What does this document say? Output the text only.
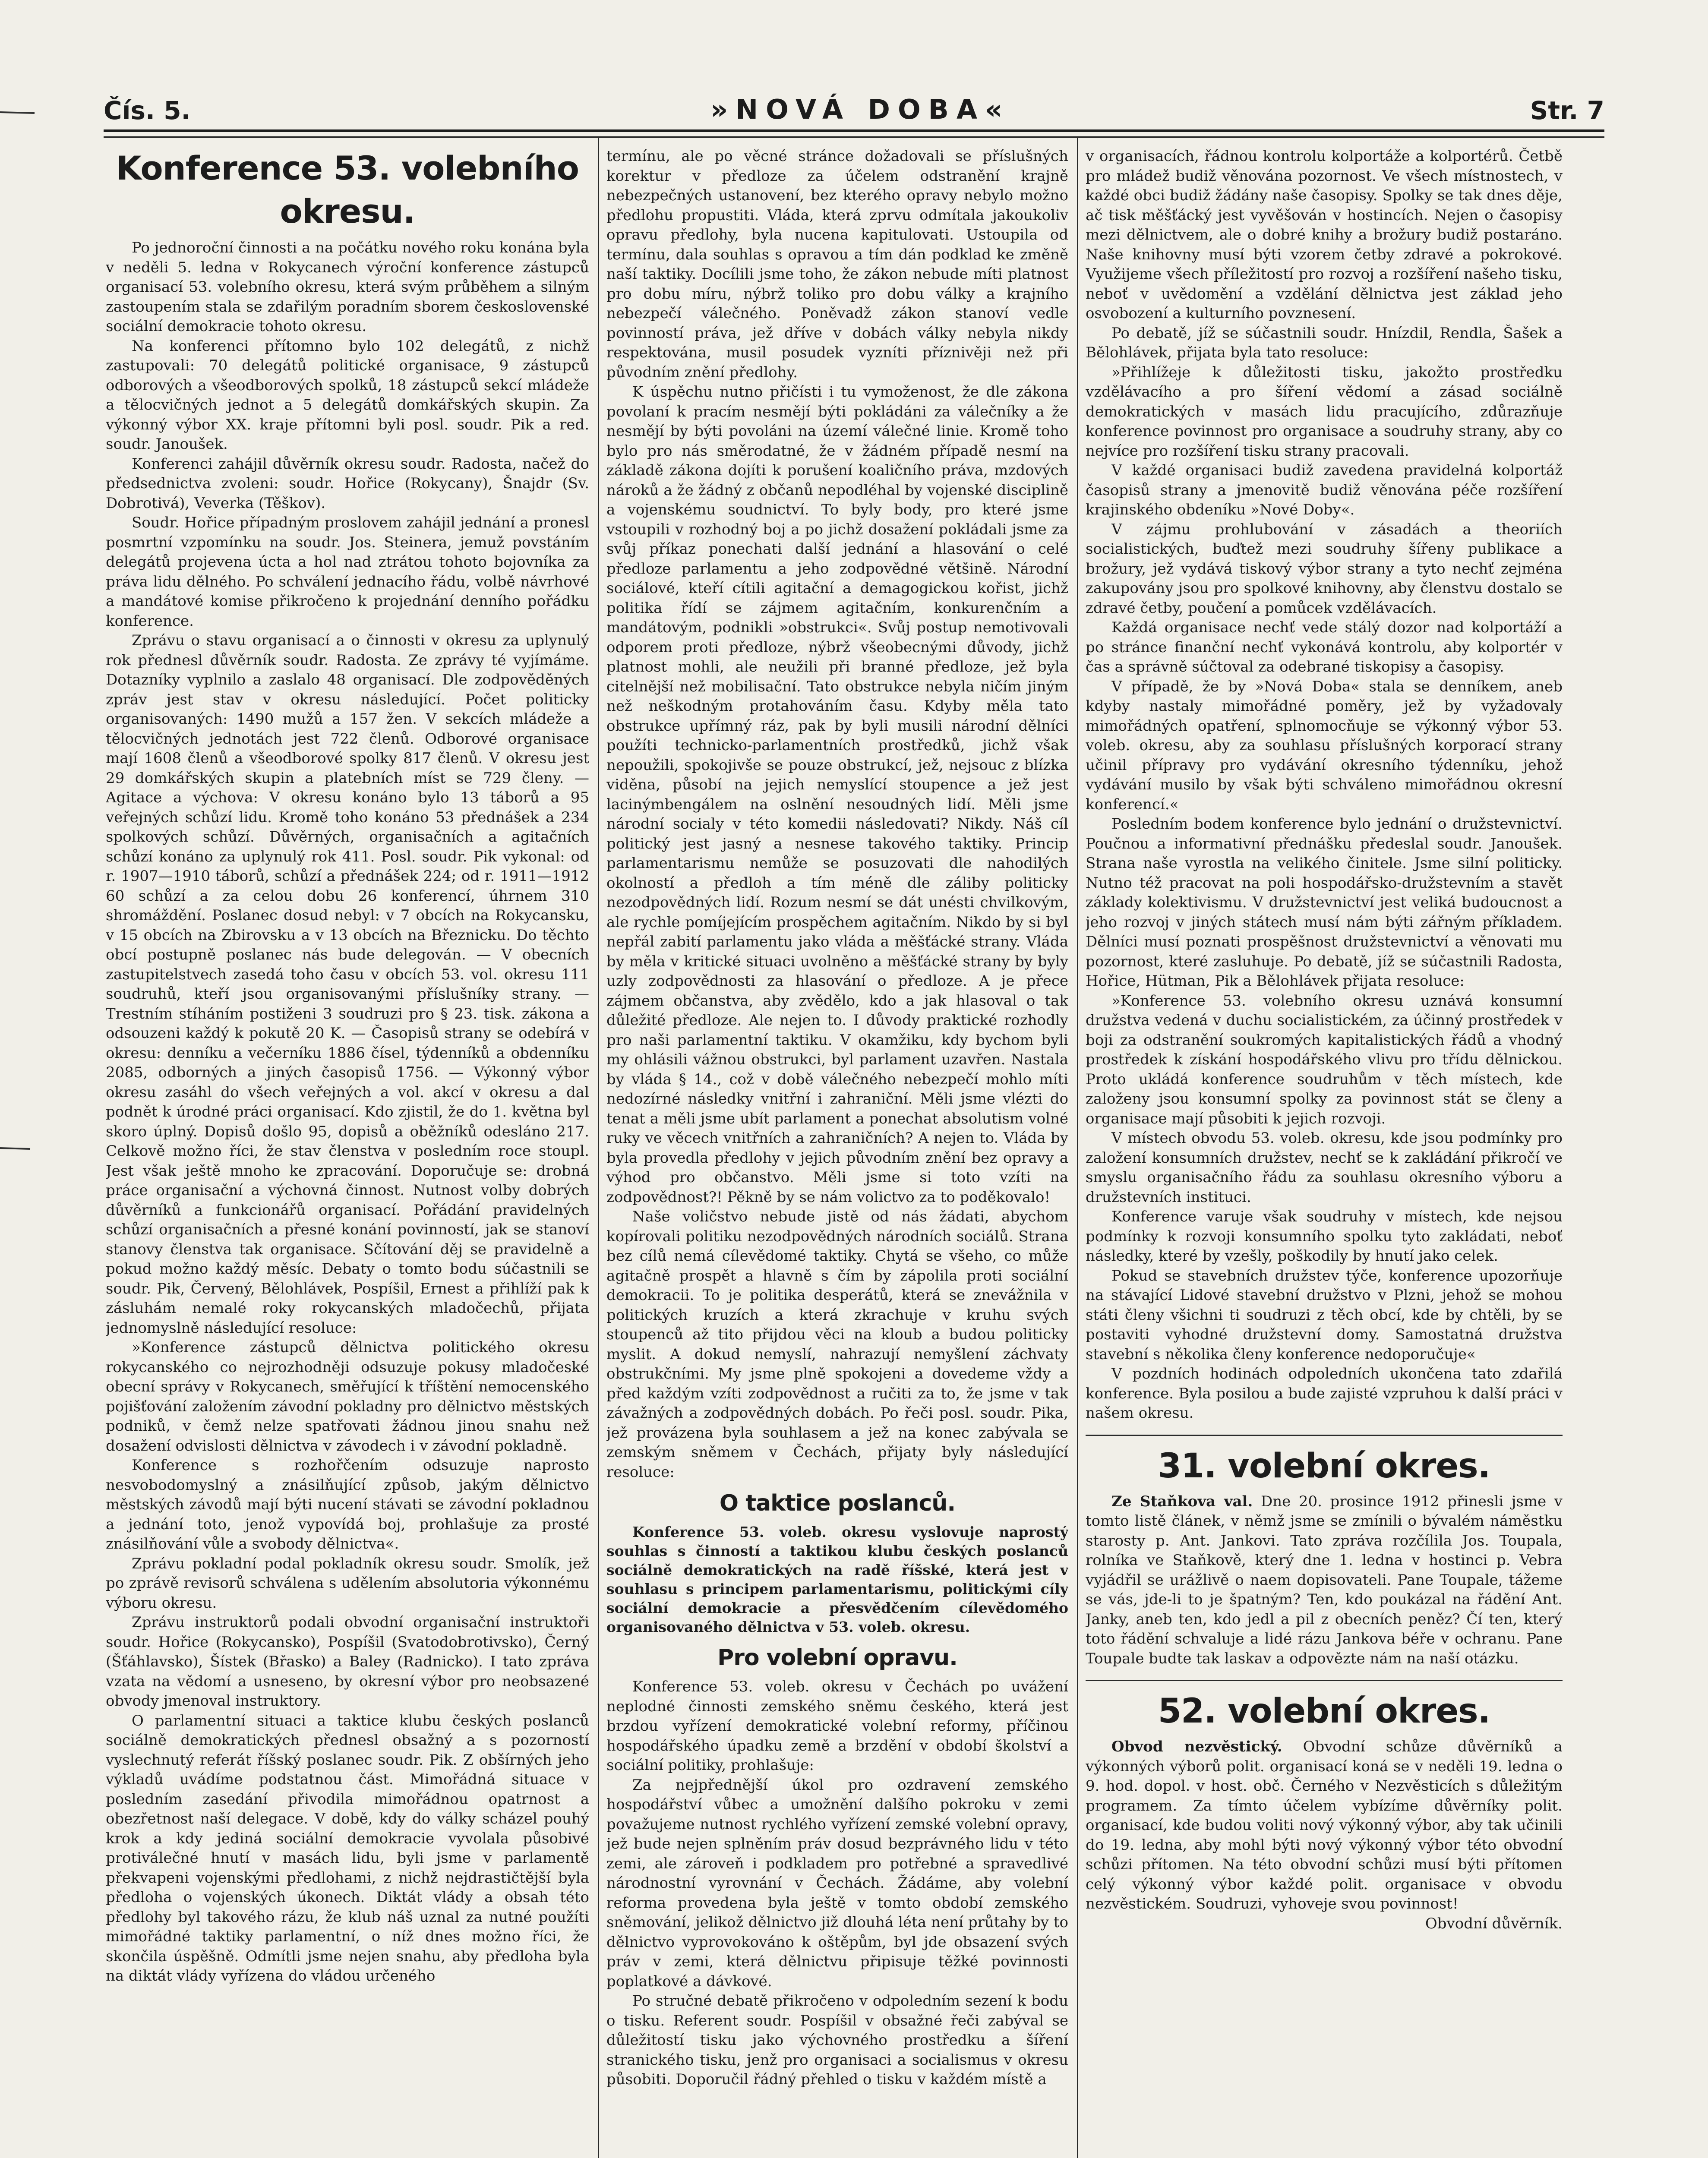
Čís. 5.	»NOVÁ DOBA«	Str. 7
Konference 53. volebního okresu.

Po jednoroční činnosti a na počátku nového roku konána byla v neděli 5. ledna v Rokycanech výroční konference zástupců organisací 53. volebního okresu, která svým průběhem a silným zastoupením stala se zdařilým poradním sborem československé sociální demokracie tohoto okresu.

Na konferenci přítomno bylo 102 delegátů, z nichž zastupovali: 70 delegátů politické organisace, 9 zástupců odborových a všeodborových spolků, 18 zástupců sekcí mládeže a tělocvičných jednot a 5 delegátů domkářských skupin. Za výkonný výbor XX. kraje přítomni byli posl. soudr. Pik a red. soudr. Janoušek.

Konferenci zahájil důvěrník okresu soudr. Radosta, načež do předsednictva zvoleni: soudr. Hořice (Rokycany), Šnajdr (Sv. Dobrotivá), Veverka (Těškov).

Soudr. Hořice případným proslovem zahájil jednání a pronesl posmrtní vzpomínku na soudr. Jos. Steinera, jemuž povstáním delegátů projevena úcta a hol nad ztrátou tohoto bojovníka za práva lidu dělného. Po schválení jednacího řádu, volbě návrhové a mandátové komise přikročeno k projednání denního pořádku konference.

Zprávu o stavu organisací a o činnosti v okresu za uplynulý rok přednesl důvěrník soudr. Radosta. Ze zprávy té vyjímáme. Dotazníky vyplnilo a zaslalo 48 organisací. Dle zodpověděných zpráv jest stav v okresu následující. Počet politicky organisovaných: 1490 mužů a 157 žen. V sekcích mládeže a tělocvičných jednotách jest 722 členů. Odborové organisace mají 1608 členů a všeodborové spolky 817 členů. V okresu jest 29 domkářských skupin a platebních míst se 729 členy. — Agitace a výchova: V okresu konáno bylo 13 táborů a 95 veřejných schůzí lidu. Kromě toho konáno 53 přednášek a 234 spolkových schůzí. Důvěrných, organisačních a agitačních schůzí konáno za uplynulý rok 411. Posl. soudr. Pik vykonal: od r. 1907—1910 táborů, schůzí a přednášek 224; od r. 1911—1912 60 schůzí a za celou dobu 26 konferencí, úhrnem 310 shromáždění. Poslanec dosud nebyl: v 7 obcích na Rokycansku, v 15 obcích na Zbirovsku a v 13 obcích na Březnicku. Do těchto obcí postupně poslanec nás bude delegován. — V obecních zastupitelstvech zasedá toho času v obcích 53. vol. okresu 111 soudruhů, kteří jsou organisovanými příslušníky strany. — Trestním stíháním postiženi 3 soudruzi pro § 23. tisk. zákona a odsouzeni každý k pokutě 20 K. — Časopisů strany se odebírá v okresu: denníku a večerníku 1886 čísel, týdenníků a obdenníku 2085, odborných a jiných časopisů 1756. — Výkonný výbor okresu zasáhl do všech veřejných a vol. akcí v okresu a dal podnět k úrodné práci organisací. Kdo zjistil, že do 1. května byl skoro úplný. Dopisů došlo 95, dopisů a oběžníků odesláno 217. Celkově možno říci, že stav členstva v posledním roce stoupl. Jest však ještě mnoho ke zpracování. Doporučuje se: drobná práce organisační a výchovná činnost. Nutnost volby dobrých důvěrníků a funkcionářů organisací. Pořádání pravidelných schůzí organisačních a přesné konání povinností, jak se stanoví stanovy členstva tak organisace. Sčítování děj se pravidelně a pokud možno každý měsíc. Debaty o tomto bodu súčastnili se soudr. Pik, Červený, Bělohlávek, Pospíšil, Ernest a přihlíží pak k zásluhám nemalé roky rokycanských mladočechů, přijata jednomyslně následující resoluce:

»Konference zástupců dělnictva politického okresu rokycanského co nejrozhodněji odsuzuje pokusy mladočeské obecní správy v Rokycanech, směřující k tříštění nemocenského pojišťování založením závodní pokladny pro dělnictvo městských podniků, v čemž nelze spatřovati žádnou jinou snahu než dosažení odvislosti dělnictva v závodech i v závodní pokladně.

Konference s rozhořčením odsuzuje naprosto nesvobodomyslný a znásilňující způsob, jakým dělnictvo městských závodů mají býti nucení stávati se závodní pokladnou a jednání toto, jenož vypovídá boj, prohlašuje za prosté znásilňování vůle a svobody dělnictva«.

Zprávu pokladní podal pokladník okresu soudr. Smolík, jež po zprávě revisorů schválena s udělením absolutoria výkonnému výboru okresu.

Zprávu instruktorů podali obvodní organisační instruktoři soudr. Hořice (Rokycansko), Pospíšil (Svatodobrotivsko), Černý (Šťáhlavsko), Šístek (Břasko) a Baley (Radnicko). I tato zpráva vzata na vědomí a usneseno, by okresní výbor pro neobsazené obvody jmenoval instruktory.

O parlamentní situaci a taktice klubu českých poslanců sociálně demokratických přednesl obsažný a s pozorností vyslechnutý referát říšský poslanec soudr. Pik. Z obšírných jeho výkladů uvádíme podstatnou část. Mimořádná situace v posledním zasedání přivodila mimořádnou opatrnost a obezřetnost naší delegace. V době, kdy do války scházel pouhý krok a kdy jediná sociální demokracie vyvolala působivé protiválečné hnutí v masách lidu, byli jsme v parlamentě překvapeni vojenskými předlohami, z nichž nejdrastičtější byla předloha o vojenských úkonech. Diktát vlády a obsah této předlohy byl takového rázu, že klub náš uznal za nutné použíti mimořádné taktiky parlamentní, o níž dnes možno říci, že skončila úspěšně. Odmítli jsme nejen snahu, aby předloha byla na diktát vlády vyřízena do vládou určeného

termínu, ale po věcné stránce dožadovali se příslušných korektur v předloze za účelem odstranění krajně nebezpečných ustanovení, bez kterého opravy nebylo možno předlohu propustiti. Vláda, která zprvu odmítala jakoukoliv opravu předlohy, byla nucena kapitulovati. Ustoupila od termínu, dala souhlas s opravou a tím dán podklad ke změně naší taktiky. Docílili jsme toho, že zákon nebude míti platnost pro dobu míru, nýbrž toliko pro dobu války a krajního nebezpečí válečného. Poněvadž zákon stanoví vedle povinností práva, jež dříve v dobách války nebyla nikdy respektována, musil posudek vyzníti příznivěji než při původním znění předlohy.

K úspěchu nutno přičísti i tu vymoženost, že dle zákona povolaní k pracím nesmějí býti pokládáni za válečníky a že nesmějí by býti povoláni na území válečné linie. Kromě toho bylo pro nás směrodatné, že v žádném případě nesmí na základě zákona dojíti k porušení koaličního práva, mzdových nároků a že žádný z občanů nepodléhal by vojenské disciplině a vojenskému soudnictví. To byly body, pro které jsme vstoupili v rozhodný boj a po jichž dosažení pokládali jsme za svůj příkaz ponechati další jednání a hlasování o celé předloze parlamentu a jeho zodpovědné většině. Národní sociálové, kteří cítili agitační a demagogickou kořist, jichž politika řídí se zájmem agitačním, konkurenčním a mandátovým, podnikli »obstrukci«. Svůj postup nemotivovali odporem proti předloze, nýbrž všeobecnými důvody, jichž platnost mohli, ale neužili při branné předloze, jež byla citelnější než mobilisační. Tato obstrukce nebyla ničím jiným než neškodným protahováním času. Kdyby měla tato obstrukce upřímný ráz, pak by byli musili národní dělníci použíti technicko-parlamentních prostředků, jichž však nepoužili, spokojivše se pouze obstrukcí, jež, nejsouc z blízka viděna, působí na jejich nemyslící stoupence a jež jest lacinýmbengálem na oslnění nesoudných lidí. Měli jsme národní socialy v této komedii následovati? Nikdy. Náš cíl politický jest jasný a nesnese takového taktiky. Princip parlamentarismu nemůže se posuzovati dle nahodilých okolností a předloh a tím méně dle záliby politicky nezodpovědných lidí. Rozum nesmí se dát unésti chvilkovým, ale rychle pomíjejícím prospěchem agitačním. Nikdo by si byl nepřál zabití parlamentu jako vláda a měšťácké strany. Vláda by měla v kritické situaci uvolněno a měšťácké strany by byly uzly zodpovědnosti za hlasování o předloze. A je přece zájmem občanstva, aby zvědělo, kdo a jak hlasoval o tak důležité předloze. Ale nejen to. I důvody praktické rozhodly pro naši parlamentní taktiku. V okamžiku, kdy bychom byli my ohlásili vážnou obstrukci, byl parlament uzavřen. Nastala by vláda § 14., což v době válečného nebezpečí mohlo míti nedozírné následky vnitřní i zahraniční. Měli jsme vlézti do tenat a měli jsme ubít parlament a ponechat absolutism volné ruky ve věcech vnitřních a zahraničních? A nejen to. Vláda by byla provedla předlohy v jejich původním znění bez opravy a výhod pro občanstvo. Měli jsme si toto vzíti na zodpovědnost?! Pěkně by se nám volictvo za to poděkovalo!

Naše voličstvo nebude jistě od nás žádati, abychom kopírovali politiku nezodpovědných národních sociálů. Strana bez cílů nemá cílevědomé taktiky. Chytá se všeho, co může agitačně prospět a hlavně s čím by zápolila proti sociální demokracii. To je politika desperátů, která se znevážnila v politických kruzích a která zkrachuje v kruhu svých stoupenců až tito přijdou věci na kloub a budou politicky myslit. A dokud nemyslí, nahrazují nemyšlení záchvaty obstrukčními. My jsme plně spokojeni a dovedeme vždy a před každým vzíti zodpovědnost a ručiti za to, že jsme v tak závažných a zodpovědných dobách. Po řeči posl. soudr. Pika, jež provázena byla souhlasem a jež na konec zabývala se zemským sněmem v Čechách, přijaty byly následující resoluce:

O taktice poslanců.
Konference 53. voleb. okresu vyslovuje naprostý souhlas s činností a taktikou klubu českých poslanců sociálně demokratických na radě říšské, která jest v souhlasu s principem parlamentarismu, politickými cíly sociální demokracie a přesvědčením cílevědomého organisovaného dělnictva v 53. voleb. okresu.
Pro volební opravu.

Konference 53. voleb. okresu v Čechách po uvážení neplodné činnosti zemského sněmu českého, která jest brzdou vyřízení demokratické volební reformy, příčinou hospodářského úpadku země a brzdění v období školství a sociální politiky, prohlašuje:

Za nejpřednější úkol pro ozdravení zemského hospodářství vůbec a umožnění dalšího pokroku v zemi považujeme nutnost rychlého vyřízení zemské volební opravy, jež bude nejen splněním práv dosud bezprávného lidu v této zemi, ale zároveň i podkladem pro potřebné a spravedlivé národnostní vyrovnání v Čechách. Žádáme, aby volební reforma provedena byla ještě v tomto období zemského sněmování, jelikož dělnictvo již dlouhá léta není průtahy by to dělnictvo vyprovokováno k oštěpům, byl jde obsazení svých práv v zemi, která dělnictvu připisuje těžké povinnosti poplatkové a dávkové.

Po stručné debatě přikročeno v odpoledním sezení k bodu o tisku. Referent soudr. Pospíšil v obsažné řeči zabýval se důležitostí tisku jako výchovného prostředku a šíření stranického tisku, jenž pro organisaci a socialismus v okresu působiti. Doporučil řádný přehled o tisku v každém místě a

v organisacích, řádnou kontrolu kolportáže a kolportérů. Četbě pro mládež budiž věnována pozornost. Ve všech místnostech, v každé obci budiž žádány naše časopisy. Spolky se tak dnes děje, ač tisk měšťácký jest vyvěšován v hostincích. Nejen o časopisy mezi dělnictvem, ale o dobré knihy a brožury budiž postaráno. Naše knihovny musí býti vzorem četby zdravé a pokrokové. Využijeme všech příležitostí pro rozvoj a rozšíření našeho tisku, neboť v uvědomění a vzdělání dělnictva jest základ jeho osvobození a kulturního povznesení.

Po debatě, jíž se súčastnili soudr. Hnízdil, Rendla, Šašek a Bělohlávek, přijata byla tato resoluce:

»Přihlížeje k důležitosti tisku, jakožto prostředku vzdělávacího a pro šíření vědomí a zásad sociálně demokratických v masách lidu pracujícího, zdůrazňuje konference povinnost pro organisace a soudruhy strany, aby co nejvíce pro rozšíření tisku strany pracovali.

V každé organisaci budiž zavedena pravidelná kolportáž časopisů strany a jmenovitě budiž věnována péče rozšíření krajinského obdeníku »Nové Doby«.

V zájmu prohlubování v zásadách a theoriích socialistických, buďtež mezi soudruhy šířeny publikace a brožury, jež vydává tiskový výbor strany a tyto nechť zejména zakupovány jsou pro spolkové knihovny, aby členstvu dostalo se zdravé četby, poučení a pomůcek vzdělávacích.

Každá organisace nechť vede stálý dozor nad kolportáží a po stránce finanční nechť vykonává kontrolu, aby kolportér v čas a správně súčtoval za odebrané tiskopisy a časopisy.

V případě, že by »Nová Doba« stala se denníkem, aneb kdyby nastaly mimořádné poměry, jež by vyžadovaly mimořádných opatření, splnomocňuje se výkonný výbor 53. voleb. okresu, aby za souhlasu příslušných korporací strany učinil přípravy pro vydávání okresního týdenníku, jehož vydávání musilo by však býti schváleno mimořádnou okresní konferencí.«

Posledním bodem konference bylo jednání o družstevnictví. Poučnou a informativní přednášku předeslal soudr. Janoušek. Strana naše vyrostla na velikého činitele. Jsme silní politicky. Nutno též pracovat na poli hospodářsko-družstevním a stavět základy kolektivismu. V družstevnictví jest veliká budoucnost a jeho rozvoj v jiných státech musí nám býti zářným příkladem. Dělníci musí poznati prospěšnost družstevnictví a věnovati mu pozornost, které zasluhuje. Po debatě, jíž se súčastnili Radosta, Hořice, Hütman, Pik a Bělohlávek přijata resoluce:

»Konference 53. volebního okresu uznává konsumní družstva vedená v duchu socialistickém, za účinný prostředek v boji za odstranění soukromých kapitalistických řádů a vhodný prostředek k získání hospodářského vlivu pro třídu dělnickou. Proto ukládá konference soudruhům v těch místech, kde založeny jsou konsumní spolky za povinnost stát se členy a organisace mají působiti k jejich rozvoji.

V místech obvodu 53. voleb. okresu, kde jsou podmínky pro založení konsumních družstev, nechť se k zakládání přikročí ve smyslu organisačního řádu za souhlasu okresního výboru a družstevních instituci.

Konference varuje však soudruhy v místech, kde nejsou podmínky k rozvoji konsumního spolku tyto zakládati, neboť následky, které by vzešly, poškodily by hnutí jako celek.

Pokud se stavebních družstev týče, konference upozorňuje na stávající Lidové stavební družstvo v Plzni, jehož se mohou státi členy všichni ti soudruzi z těch obcí, kde by chtěli, by se postaviti vyhodné družstevní domy. Samostatná družstva stavební s několika členy konference nedoporučuje«

V pozdních hodinách odpoledních ukončena tato zdařilá konference. Byla posilou a bude zajisté vzpruhou k další práci v našem okresu.

31. volební okres.

Ze Staňkova val. Dne 20. prosince 1912 přinesli jsme v tomto listě článek, v němž jsme se zmínili o bývalém náměstku starosty p. Ant. Jankovi. Tato zpráva rozčílila Jos. Toupala, rolníka ve Staňkově, který dne 1. ledna v hostinci p. Vebra vyjádřil se urážlivě o naem dopisovateli. Pane Toupale, tážeme se vás, jde-li to je špatným? Ten, kdo poukázal na řádění Ant. Janky, aneb ten, kdo jedl a pil z obecních peněz? Čí ten, který toto řádění schvaluje a lidé rázu Jankova béře v ochranu. Pane Toupale budte tak laskav a odpovězte nám na naší otázku.

52. volební okres.

Obvod nezvěstický. Obvodní schůze důvěrníků a výkonných výborů polit. organisací koná se v neděli 19. ledna o 9. hod. dopol. v host. obč. Černého v Nezvěsticích s důležitým programem. Za tímto účelem vybízíme důvěrníky polit. organisací, kde budou voliti nový výkonný výbor, aby tak učinili do 19. ledna, aby mohl býti nový výkonný výbor této obvodní schůzi přítomen. Na této obvodní schůzi musí býti přítomen celý výkonný výbor každé polit. organisace v obvodu nezvěstickém. Soudruzi, vyhoveje svou povinnost!

Obvodní důvěrník.
